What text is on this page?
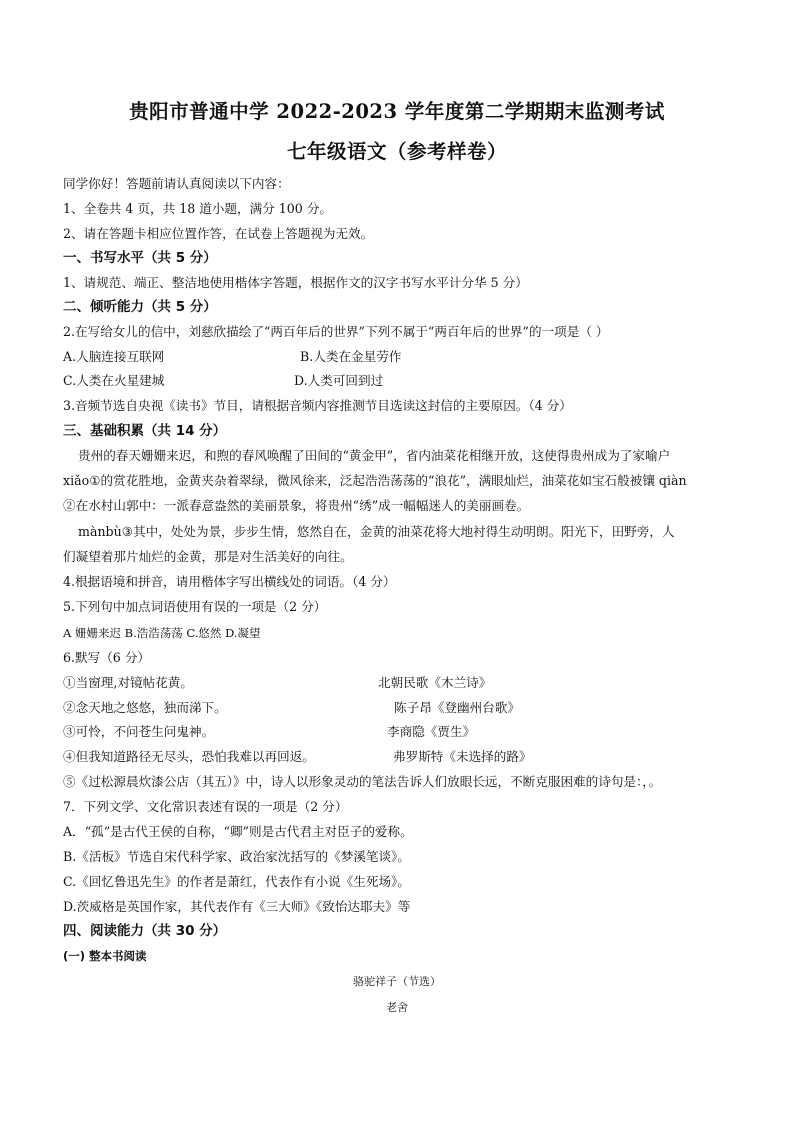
贵阳市普通中学 2022-2023 学年度第二学期期末监测考试
七年级语文（参考样卷）
同学你好！答题前请认真阅读以下内容：
1、全卷共 4 页，共 18 道小题，满分 100 分。
2、请在答题卡相应位置作答，在试卷上答题视为无效。
一、书写水平（共 5 分）
1、请规范、端正、整洁地使用楷体字答题，根据作文的汉字书写水平计分华 5 分）
二、倾听能力（共 5 分）
2.在写给女儿的信中，刘慈欣描绘了“两百年后的世界”下列不属于“两百年后的世界”的一项是（ ）
A.人脑连接互联网	B.人类在金星劳作
C.人类在火星建城	D.人类可回到过
3.音频节选自央视《读书》节目，请根据音频内容推测节目选读这封信的主要原因。（4 分）
三、基础积累（共 14 分）
贵州的春天姗姗来迟，和煦的春风唤醒了田间的“黄金甲”，省内油菜花相继开放，这使得贵州成为了家喻户
xiǎo①的赏花胜地，金黄夹杂着翠绿，微风徐来，泛起浩浩荡荡的“浪花”，满眼灿烂，油菜花如宝石般被镶 qiàn
②在水村山郭中：一派春意盎然的美丽景象，将贵州“绣”成一幅幅迷人的美丽画卷。
mànbù③其中，处处为景，步步生情，悠然自在，金黄的油菜花将大地衬得生动明朗。阳光下，田野旁，人
们凝望着那片灿烂的金黄，那是对生活美好的向往。
4.根据语境和拼音，请用楷体字写出横线处的词语。（4 分）
5.下列句中加点词语使用有误的一项是（2 分）
A 姗姗来迟 B.浩浩荡荡 C.悠然 D.凝望
6.默写（6 分）
①当窗理,对镜帖花黄。	北朝民歌《木兰诗》
②念天地之悠悠，独而涕下。	陈子昂《登幽州台歌》
③可怜，不问苍生问鬼神。	李商隐《贾生》
④但我知道路径无尽头，恐怕我难以再回返。	弗罗斯特《未选择的路》
⑤《过松源晨炊漆公店（其五）》中，诗人以形象灵动的笔法告诉人们放眼长远，不断克服困难的诗句是：，。
7．下列文学、文化常识表述有误的一项是（2 分）
A．“孤”是古代王侯的自称，“卿”则是古代君主对臣子的爱称。
B.《活板》节选自宋代科学家、政治家沈括写的《梦溪笔谈》。
C.《回忆鲁迅先生》的作者是萧红，代表作有小说《生死场》。
D.茨威格是英国作家，其代表作有《三大师》《致怡达耶夫》等
四、阅读能力（共 30 分）
(一) 整本书阅读
骆驼祥子（节选）
老舍
